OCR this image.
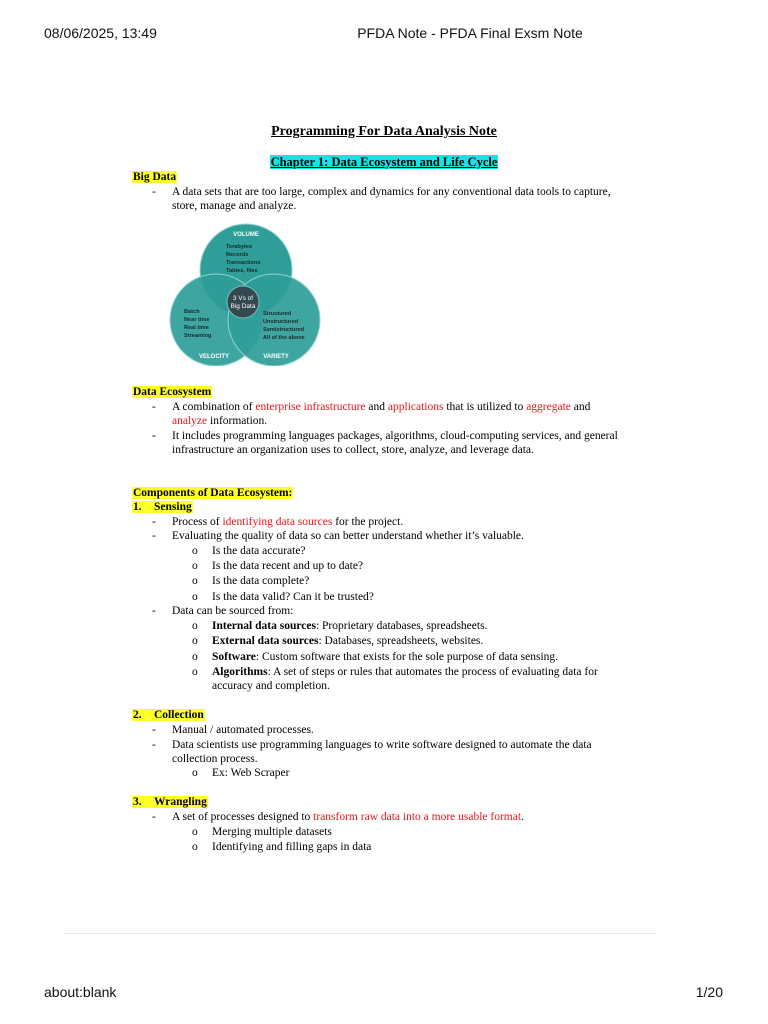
08/06/2025, 13:49	PFDA Note - PFDA Final Exsm Note
Programming For Data Analysis Note
Chapter 1: Data Ecosystem and Life Cycle
Big Data
- A data sets that are too large, complex and dynamics for any conventional data tools to capture, store, manage and analyze.
3 Vs of
Big Data
VOLUME
Terabytes
Records
Transactions
Tables, files
Batch
Near time
Real time
Streaming
VELOCITY
Structured
Unstructured
Semistructured
All of the above
VARIETY
Data Ecosystem
- A combination of enterprise infrastructure and applications that is utilized to aggregate and analyze information.
- It includes programming languages packages, algorithms, cloud-computing services, and general infrastructure an organization uses to collect, store, analyze, and leverage data.
Components of Data Ecosystem:
1. Sensing
- Process of identifying data sources for the project.
- Evaluating the quality of data so can better understand whether it’s valuable.
o Is the data accurate?
o Is the data recent and up to date?
o Is the data complete?
o Is the data valid? Can it be trusted?
- Data can be sourced from:
o Internal data sources: Proprietary databases, spreadsheets.
o External data sources: Databases, spreadsheets, websites.
o Software: Custom software that exists for the sole purpose of data sensing.
o Algorithms: A set of steps or rules that automates the process of evaluating data for accuracy and completion.
2. Collection
- Manual / automated processes.
- Data scientists use programming languages to write software designed to automate the data collection process.
o Ex: Web Scraper
3. Wrangling
- A set of processes designed to transform raw data into a more usable format.
o Merging multiple datasets
o Identifying and filling gaps in data
about:blank	1/20
